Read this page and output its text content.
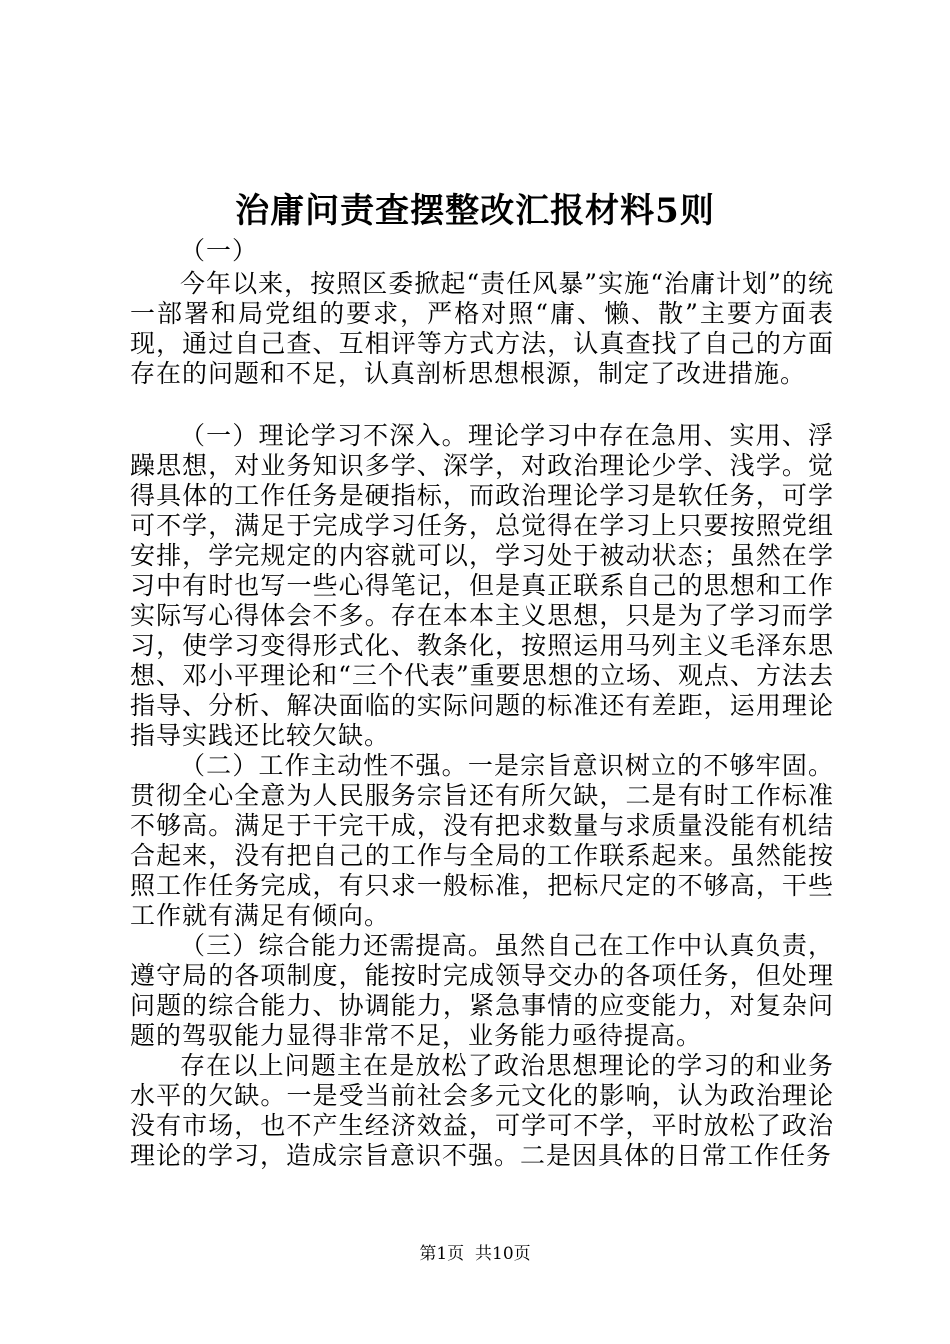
治庸问责查摆整改汇报材料5则

（一）

今年以来，按照区委掀起“责任风暴”实施“治庸计划”的统一部署和局党组的要求，严格对照“庸、懒、散”主要方面表现，通过自己查、互相评等方式方法，认真查找了自己的方面存在的问题和不足，认真剖析思想根源，制定了改进措施。

（一）理论学习不深入。理论学习中存在急用、实用、浮躁思想，对业务知识多学、深学，对政治理论少学、浅学。觉得具体的工作任务是硬指标，而政治理论学习是软任务，可学可不学，满足于完成学习任务，总觉得在学习上只要按照党组安排，学完规定的内容就可以，学习处于被动状态；虽然在学习中有时也写一些心得笔记，但是真正联系自己的思想和工作实际写心得体会不多。存在本本主义思想，只是为了学习而学习，使学习变得形式化、教条化，按照运用马列主义毛泽东思想、邓小平理论和“三个代表”重要思想的立场、观点、方法去指导、分析、解决面临的实际问题的标准还有差距，运用理论指导实践还比较欠缺。

（二）工作主动性不强。一是宗旨意识树立的不够牢固。贯彻全心全意为人民服务宗旨还有所欠缺，二是有时工作标准不够高。满足于干完干成，没有把求数量与求质量没能有机结合起来，没有把自己的工作与全局的工作联系起来。虽然能按照工作任务完成，有只求一般标准，把标尺定的不够高，干些工作就有满足有倾向。

（三）综合能力还需提高。虽然自己在工作中认真负责，遵守局的各项制度，能按时完成领导交办的各项任务，但处理问题的综合能力、协调能力，紧急事情的应变能力，对复杂问题的驾驭能力显得非常不足，业务能力亟待提高。

存在以上问题主在是放松了政治思想理论的学习的和业务水平的欠缺。一是受当前社会多元文化的影响，认为政治理论没有市场，也不产生经济效益，可学可不学，平时放松了政治理论的学习，造成宗旨意识不强。二是因具体的日常工作任务

第1页 共10页
